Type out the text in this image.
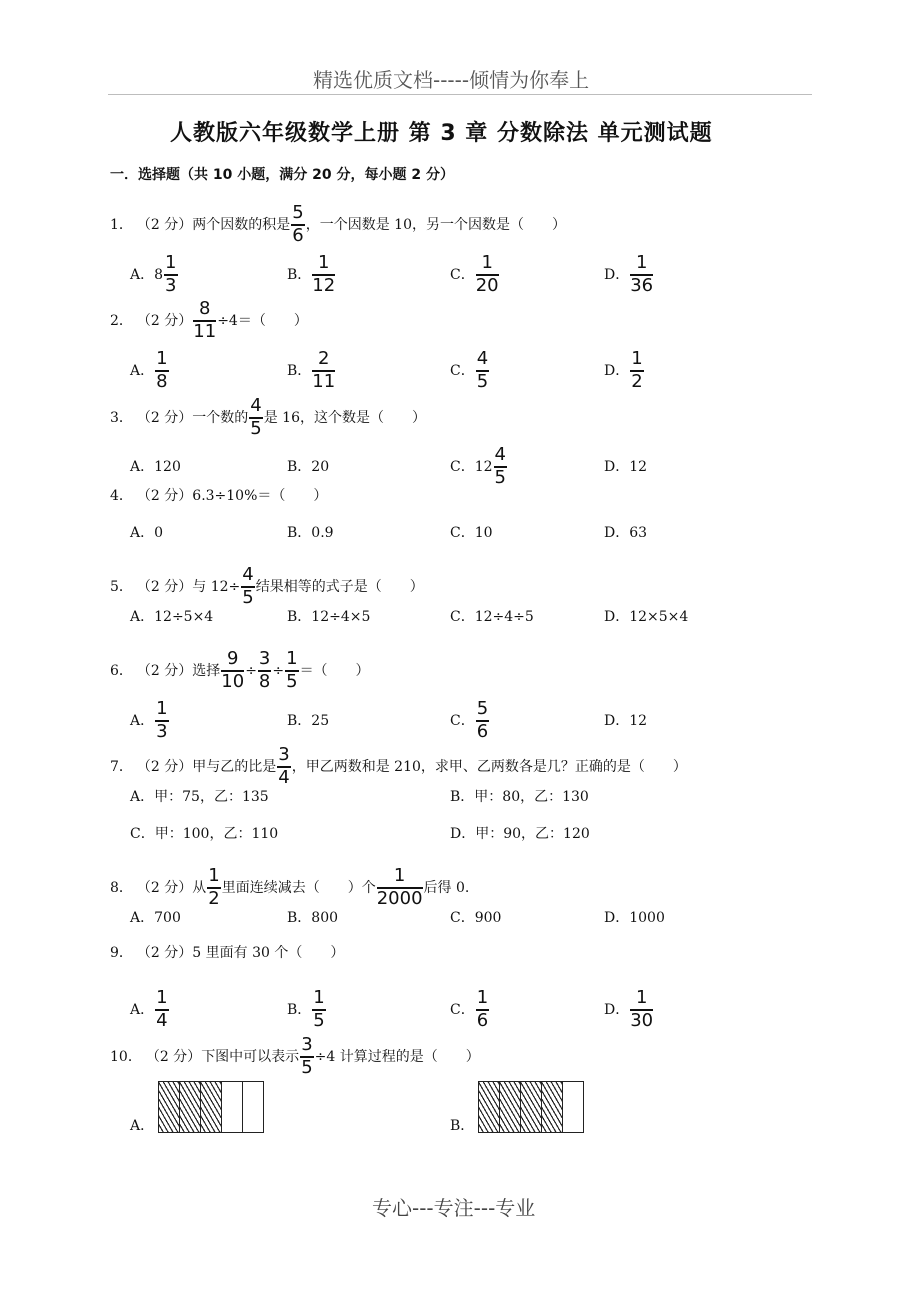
精选优质文档-----倾情为你奉上
人教版六年级数学上册 第 3 章 分数除法 单元测试题
一．选择题（共 10 小题，满分 20 分，每小题 2 分）
1． （2 分） 两个因数的积是
5
6 ，一个因数是 10，另一个因数是（　　）
A． 8
1
3	B．
1
12	C．
1
20	D．
1
36
2． （2 分）
8
11 ÷4＝（　　）
A．
1
8	B．
2
11	C．
4
5	D．
1
2
3． （2 分） 一个数的
4
5 是 16，这个数是（　　）
A． 120	B． 20	C． 12
4
5	D． 12
4． （2 分） 6.3÷10%＝（　　）
A． 0	B． 0.9	C． 10	D． 63
5． （2 分） 与 12÷
4
5 结果相等的式子是（　　）
A． 12÷5×4	B． 12÷4×5	C． 12÷4÷5	D． 12×5×4
6． （2 分） 选择
9
10 ÷
3
8 ÷
1
5 ＝（　　）
A．
1
3	B． 25	C．
5
6	D． 12
7． （2 分） 甲与乙的比是
3
4 ，甲乙两数和是 210，求甲、乙两数各是几？正确的是（　　）
A． 甲：75，乙：135	B． 甲：80，乙：130
C． 甲：100，乙：110	D． 甲：90，乙：120
8． （2 分） 从
1
2 里面连续减去（　　）个
1
2000 后得 0.
A． 700	B． 800	C． 900	D． 1000
9． （2 分） 5 里面有 30 个（　　）
A．
1
4	B．
1
5	C．
1
6	D．
1
30
10． （2 分） 下图中可以表示
3
5 ÷4 计算过程的是（　　）
A．	B．
专心---专注---专业
